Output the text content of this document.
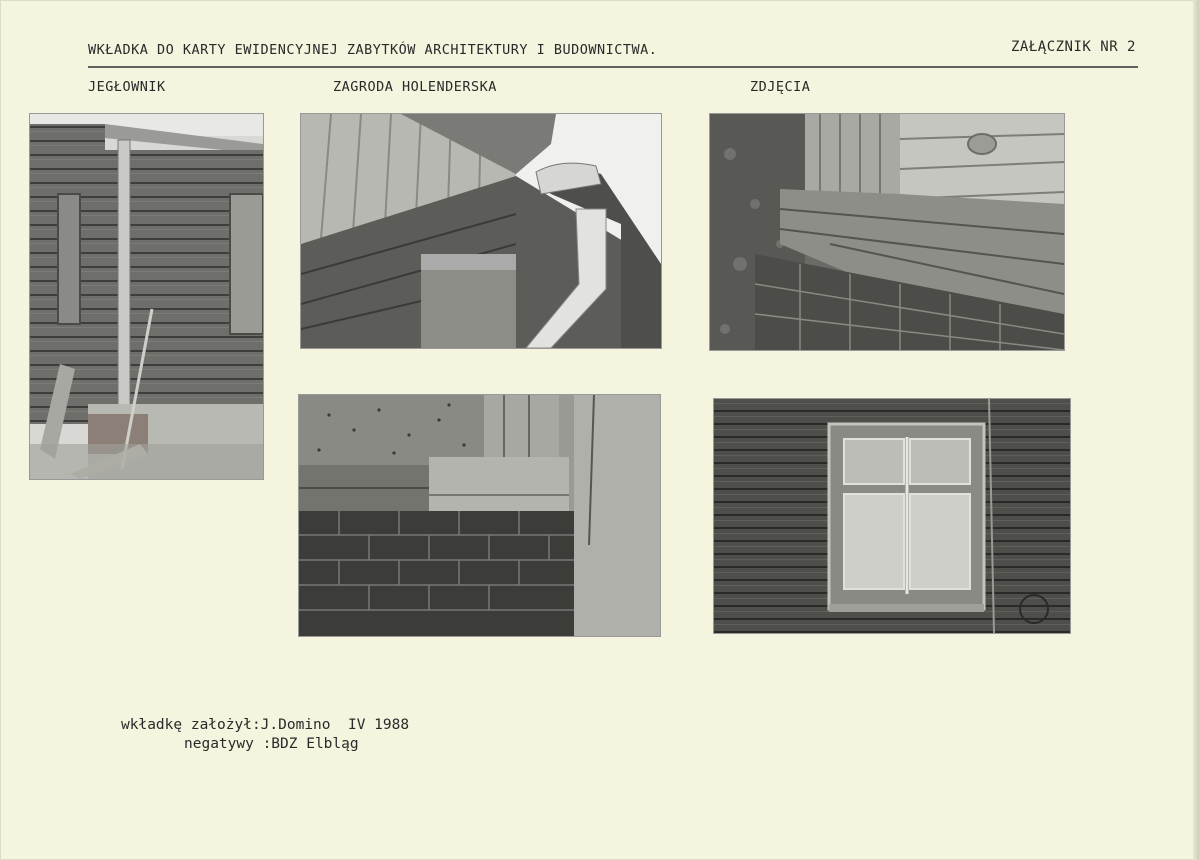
WKŁADKA DO KARTY EWIDENCYJNEJ ZABYTKÓW ARCHITEKTURY I BUDOWNICTWA.	ZAŁĄCZNIK NR 2
JEGŁOWNIK	ZAGRODA HOLENDERSKA	ZDJĘCIA
wkładkę założył:J.Domino  IV 1988
negatywy :BDZ Elbląg
